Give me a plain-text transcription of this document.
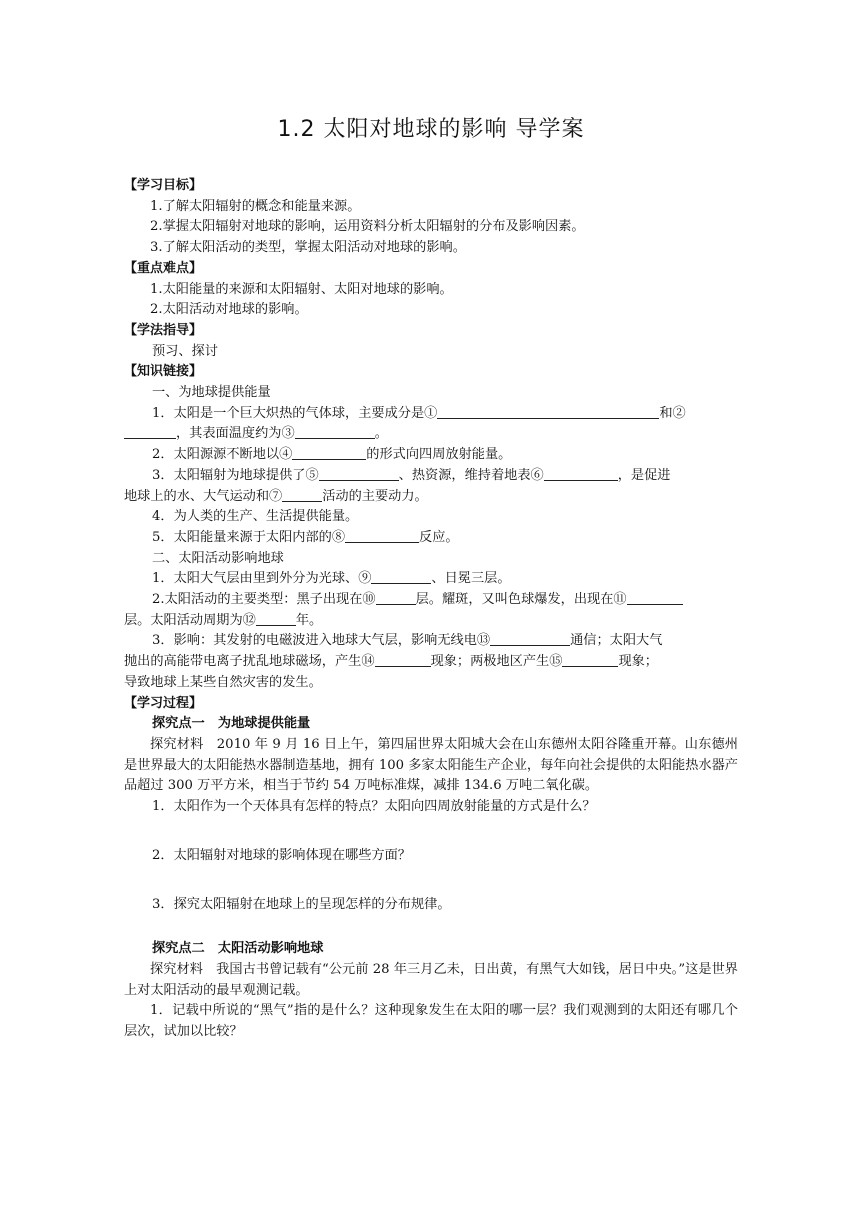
1.2 太阳对地球的影响 导学案
【学习目标】
1.了解太阳辐射的概念和能量来源。
2.掌握太阳辐射对地球的影响，运用资料分析太阳辐射的分布及影响因素。
3.了解太阳活动的类型，掌握太阳活动对地球的影响。
【重点难点】
1.太阳能量的来源和太阳辐射、太阳对地球的影响。
2.太阳活动对地球的影响。
【学法指导】
预习、探讨
【知识链接】
一、为地球提供能量
1．太阳是一个巨大炽热的气体球，主要成分是①	和②
，其表面温度约为③	。
2．太阳源源不断地以④	的形式向四周放射能量。
3．太阳辐射为地球提供了⑤	、热资源，维持着地表⑥	，是促进
地球上的水、大气运动和⑦	活动的主要动力。
4．为人类的生产、生活提供能量。
5．太阳能量来源于太阳内部的⑧	反应。
二、太阳活动影响地球
1．太阳大气层由里到外分为光球、⑨	、日冕三层。
2.太阳活动的主要类型：黑子出现在⑩	层。耀斑，又叫色球爆发，出现在⑪
层。太阳活动周期为⑫	年。
3．影响：其发射的电磁波进入地球大气层，影响无线电⑬	通信；太阳大气
抛出的高能带电离子扰乱地球磁场，产生⑭	现象；两极地区产生⑮	现象；
导致地球上某些自然灾害的发生。
【学习过程】
探究点一　为地球提供能量
探究材料　2010 年 9 月 16 日上午，第四届世界太阳城大会在山东德州太阳谷隆重开幕。山东德州是世界最大的太阳能热水器制造基地，拥有 100 多家太阳能生产企业，每年向社会提供的太阳能热水器产品超过 300 万平方米，相当于节约 54 万吨标准煤，减排 134.6 万吨二氧化碳。
1．太阳作为一个天体具有怎样的特点？太阳向四周放射能量的方式是什么？
2．太阳辐射对地球的影响体现在哪些方面？
3．探究太阳辐射在地球上的呈现怎样的分布规律。
探究点二　太阳活动影响地球
探究材料　我国古书曾记载有“公元前 28 年三月乙未，日出黄，有黑气大如钱，居日中央。”这是世界上对太阳活动的最早观测记载。
1．记载中所说的“黑气”指的是什么？这种现象发生在太阳的哪一层？我们观测到的太阳还有哪几个层次，试加以比较？
